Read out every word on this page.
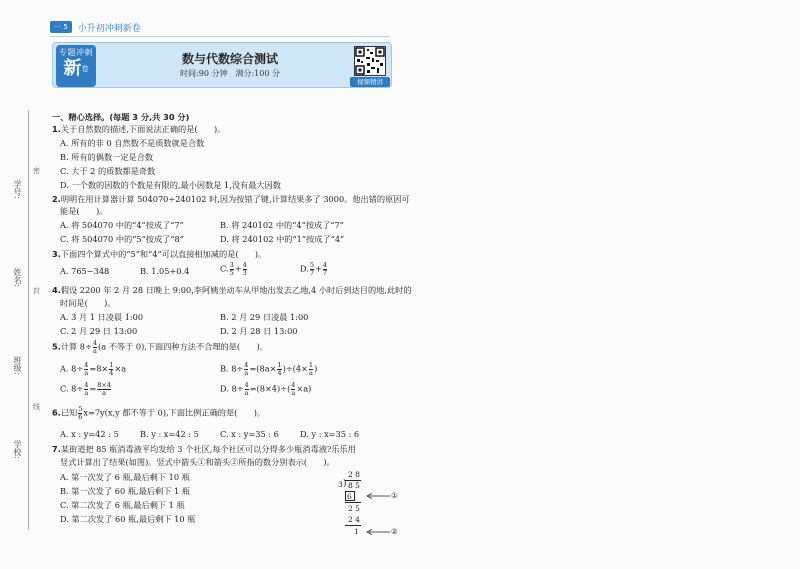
一 5	小升初冲刺新卷
专题冲刺
新卷
数与代数综合测试
时间:90 分钟　满分:100 分
视频精讲
学号:
姓名:
班级:
学校:
密
封
线
一、精心选择。(每题 3 分,共 30 分)
1.关于自然数的描述,下面说法正确的是(　　)。
A. 所有的非 0 自然数不是质数就是合数
B. 所有的偶数一定是合数
C. 大于 2 的质数都是奇数
D. 一个数的因数的个数是有限的,最小因数是 1,没有最大因数
2.明明在用计算器计算 504070÷240102 时,因为按错了键,计算结果多了 3000。他出错的原因可
能是(　　)。
A. 将 504070 中的“4”按成了“7”	B. 将 240102 中的“4”按成了“7”
C. 将 504070 中的“5”按成了“8”	D. 将 240102 中的“1”按成了“4”
3.下面四个算式中的“5”和“4”可以直接相加减的是(　　)。
A. 765−348	B. 1.05+0.4	C. $\frac{3}{5} + \frac{4}{3}$	D. $\frac{5}{7} + \frac{4}{7}$
4.假设 2200 年 2 月 28 日晚上 9:00,李阿姨坐动车从甲地出发去乙地,4 小时后到达目的地,此时的
时间是(　　)。
A. 3 月 1 日凌晨 1:00	B. 2 月 29 日凌晨 1:00
C. 2 月 29 日 13:00	D. 2 月 28 日 13:00
5.计算 $8\div \frac{4}{a} (a$ 不等于 0),下面四种方法不合理的是(　　)。
A. $8\div \frac{4}{a} =8\times \frac{1}{4} \times a$	B. $8\div \frac{4}{a} =(8a\times \frac{1}{4} )\div(4\times \frac{1}{a}$ )
C. $8\div \frac{4}{a} = \frac{8\times 4}{a}$	D. $8\div \frac{4}{a} =(8\times 4)\div( \frac{4}{a} \times a)$
6.已知 $\frac{5}{6} x=7y(x,y$ 都不等于 0),下面比例正确的是(　　)。
A. x : y=42 : 5	B. y : x=42 : 5	C. x : y=35 : 6	D. y : x=35 : 6
7.某街道把 85 瓶消毒液平均发给 3 个社区,每个社区可以分得多少瓶消毒液?乐乐用
竖式计算出了结果(如图)。竖式中箭头①和箭头②所指的数分别表示(　　)。
A. 第一次发了 6 瓶,最后剩下 10 瓶
B. 第一次发了 60 瓶,最后剩下 1 瓶
C. 第二次发了 6 瓶,最后剩下 1 瓶
D. 第二次发了 60 瓶,最后剩下 10 瓶
2 8
3 ) 8 5
6
2 5
2 4
1
①
②
